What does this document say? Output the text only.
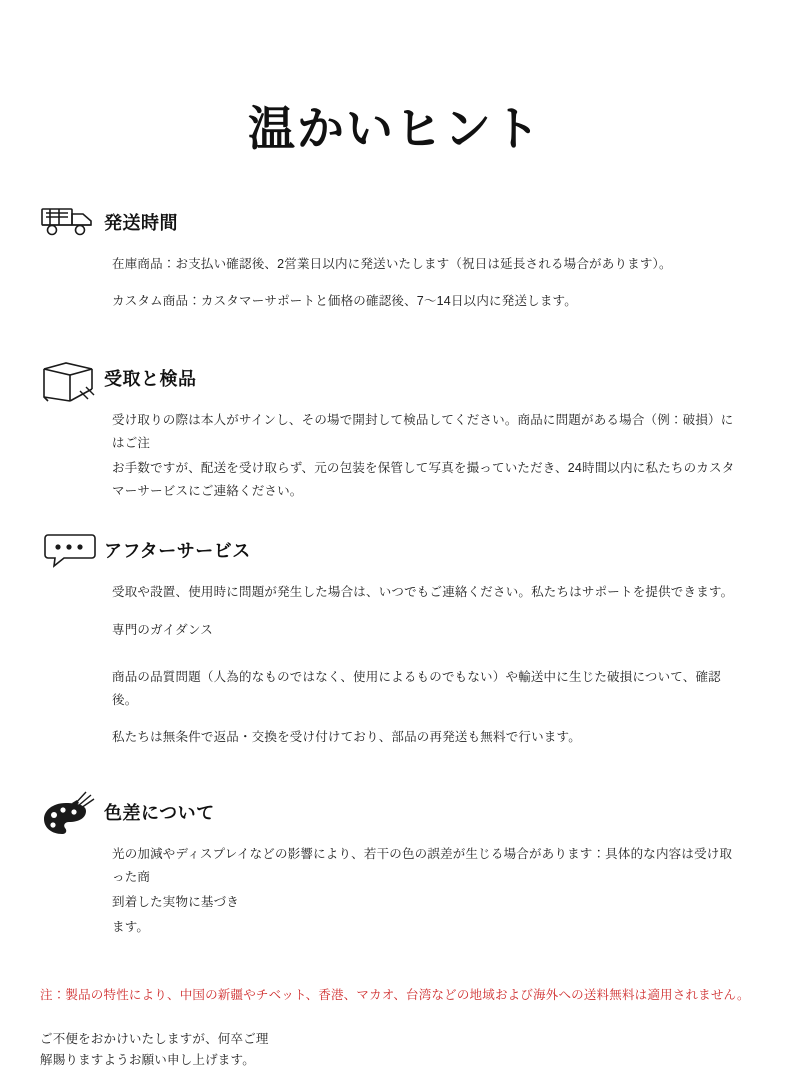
温かいヒント
発送時間

在庫商品：お支払い確認後、2営業日以内に発送いたします（祝日は延長される場合があります）。

カスタム商品：カスタマーサポートと価格の確認後、7〜14日以内に発送します。

受取と検品

受け取りの際は本人がサインし、その場で開封して検品してください。商品に問題がある場合（例：破損）にはご注

お手数ですが、配送を受け取らず、元の包装を保管して写真を撮っていただき、24時間以内に私たちのカスタマーサービスにご連絡ください。

アフターサービス

受取や設置、使用時に問題が発生した場合は、いつでもご連絡ください。私たちはサポートを提供できます。

専門のガイダンス

商品の品質問題（人為的なものではなく、使用によるものでもない）や輸送中に生じた破損について、確認後。

私たちは無条件で返品・交換を受け付けており、部品の再発送も無料で行います。

色差について

光の加減やディスプレイなどの影響により、若干の色の誤差が生じる場合があります：具体的な内容は受け取った商

到着した実物に基づき

ます。

注：製品の特性により、中国の新疆やチベット、香港、マカオ、台湾などの地域および海外への送料無料は適用されません。

ご不便をおかけいたしますが、何卒ご理

解賜りますようお願い申し上げます。
